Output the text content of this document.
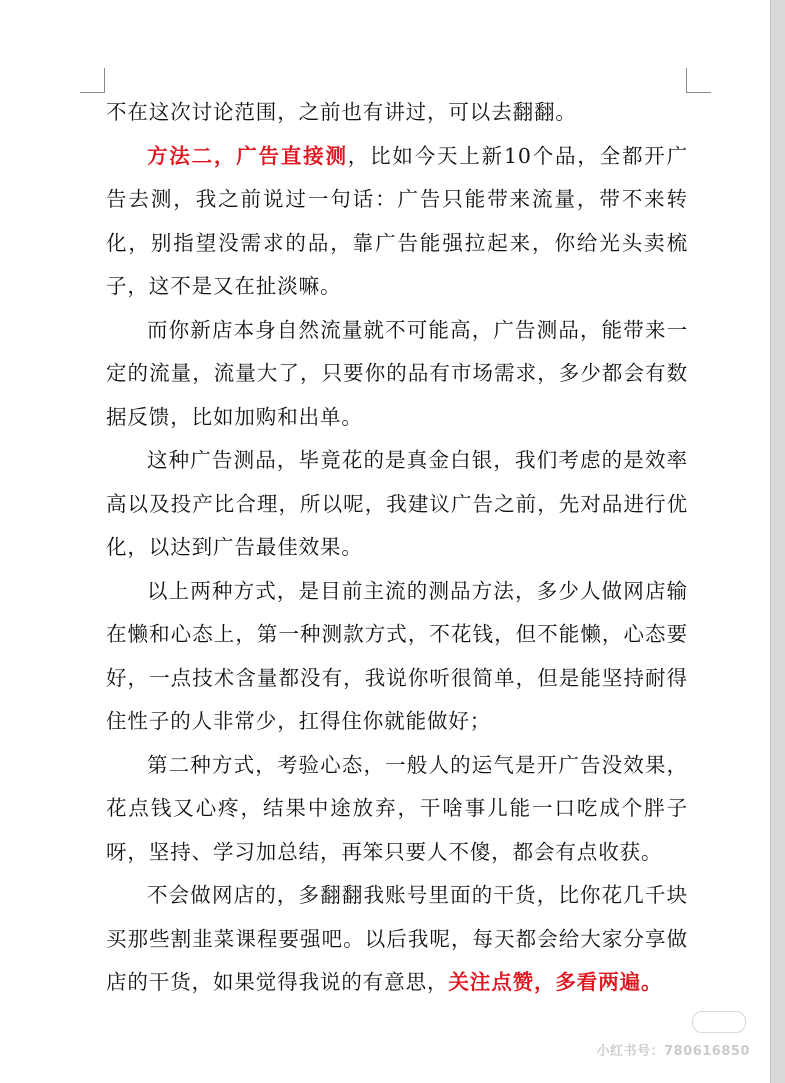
不在这次讨论范围，之前也有讲过，可以去翻翻。

方法二，广告直接测，比如今天上新10个品，全都开广告去测，我之前说过一句话：广告只能带来流量，带不来转化，别指望没需求的品，靠广告能强拉起来，你给光头卖梳子，这不是又在扯淡嘛。

而你新店本身自然流量就不可能高，广告测品，能带来一定的流量，流量大了，只要你的品有市场需求，多少都会有数据反馈，比如加购和出单。

这种广告测品，毕竟花的是真金白银，我们考虑的是效率高以及投产比合理，所以呢，我建议广告之前，先对品进行优化，以达到广告最佳效果。

以上两种方式，是目前主流的测品方法，多少人做网店输在懒和心态上，第一种测款方式，不花钱，但不能懒，心态要好，一点技术含量都没有，我说你听很简单，但是能坚持耐得住性子的人非常少，扛得住你就能做好；

第二种方式，考验心态，一般人的运气是开广告没效果，花点钱又心疼，结果中途放弃，干啥事儿能一口吃成个胖子呀，坚持、学习加总结，再笨只要人不傻，都会有点收获。

不会做网店的，多翻翻我账号里面的干货，比你花几千块买那些割韭菜课程要强吧。以后我呢，每天都会给大家分享做店的干货，如果觉得我说的有意思，关注点赞，多看两遍。

小红书号：780616850
